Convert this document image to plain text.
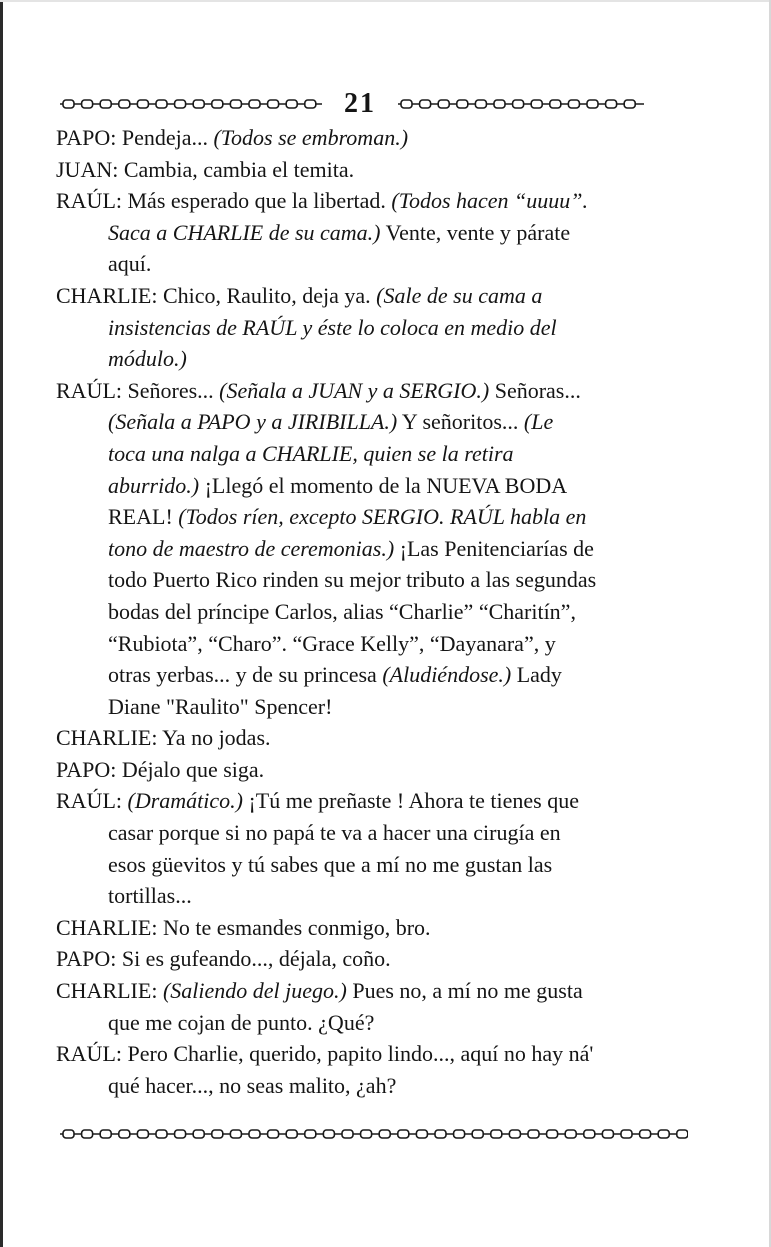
21
PAPO: Pendeja... (Todos se embroman.)
JUAN: Cambia, cambia el temita.
RAÚL: Más esperado que la libertad. (Todos hacen “uuuu”.
Saca a CHARLIE de su cama.) Vente, vente y párate
aquí.
CHARLIE: Chico, Raulito, deja ya. (Sale de su cama a
insistencias de RAÚL y éste lo coloca en medio del
módulo.)
RAÚL: Señores... (Señala a JUAN y a SERGIO.) Señoras...
(Señala a PAPO y a JIRIBILLA.) Y señoritos... (Le
toca una nalga a CHARLIE, quien se la retira
aburrido.) ¡Llegó el momento de la NUEVA BODA
REAL! (Todos ríen, excepto SERGIO. RAÚL habla en
tono de maestro de ceremonias.) ¡Las Penitenciarías de
todo Puerto Rico rinden su mejor tributo a las segundas
bodas del príncipe Carlos, alias “Charlie” “Charitín”,
“Rubiota”, “Charo”. “Grace Kelly”, “Dayanara”, y
otras yerbas... y de su princesa (Aludiéndose.) Lady
Diane "Raulito" Spencer!
CHARLIE: Ya no jodas.
PAPO: Déjalo que siga.
RAÚL: (Dramático.) ¡Tú me preñaste ! Ahora te tienes que
casar porque si no papá te va a hacer una cirugía en
esos güevitos y tú sabes que a mí no me gustan las
tortillas...
CHARLIE: No te esmandes conmigo, bro.
PAPO: Si es gufeando..., déjala, coño.
CHARLIE: (Saliendo del juego.) Pues no, a mí no me gusta
que me cojan de punto. ¿Qué?
RAÚL: Pero Charlie, querido, papito lindo..., aquí no hay ná'
qué hacer..., no seas malito, ¿ah?
